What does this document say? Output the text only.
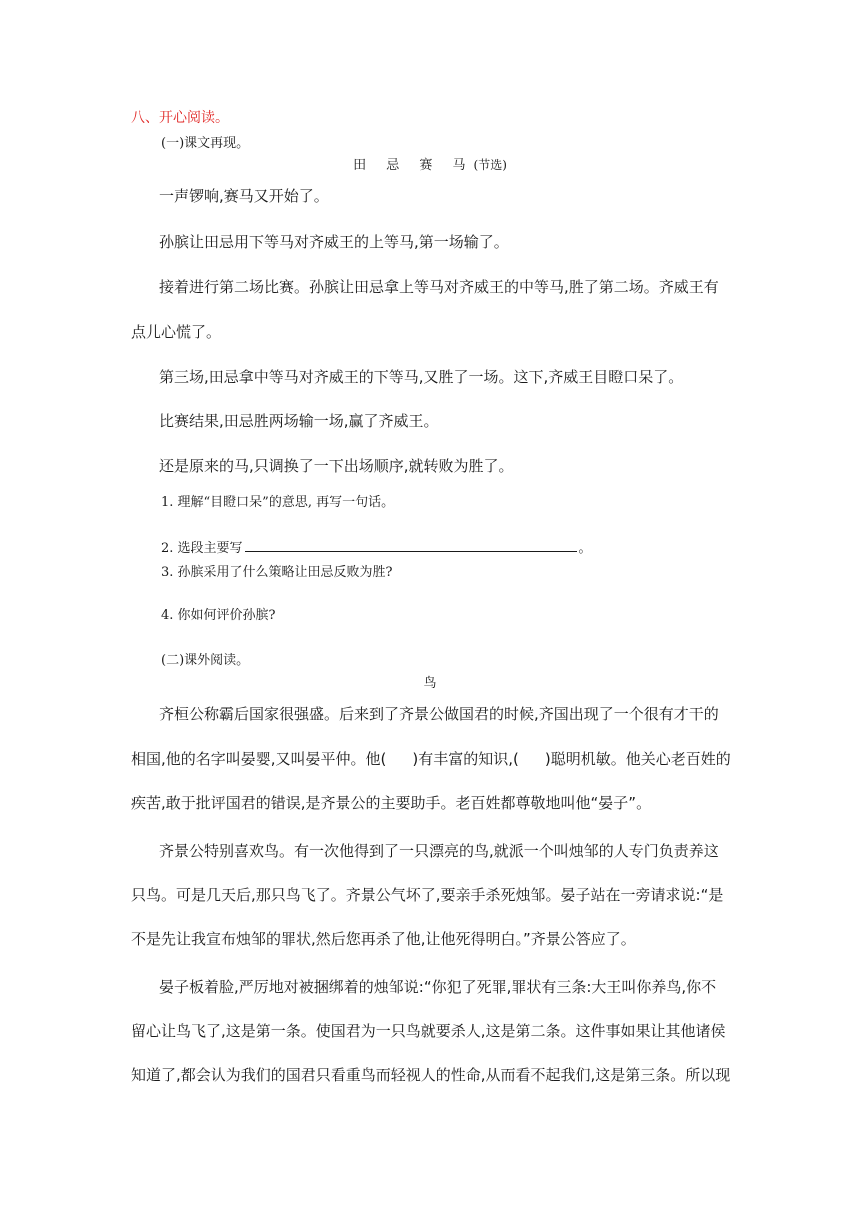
八、开心阅读。

(一)课文再现。

田 忌 赛 马(节选)

一声锣响,赛马又开始了。

孙膑让田忌用下等马对齐威王的上等马,第一场输了。

接着进行第二场比赛。孙膑让田忌拿上等马对齐威王的中等马,胜了第二场。齐威王有

点儿心慌了。

第三场,田忌拿中等马对齐威王的下等马,又胜了一场。这下,齐威王目瞪口呆了。

比赛结果,田忌胜两场输一场,赢了齐威王。

还是原来的马,只调换了一下出场顺序,就转败为胜了。

1. 理解“目瞪口呆”的意思, 再写一句话。

2. 选段主要写	。

3. 孙膑采用了什么策略让田忌反败为胜?

4. 你如何评价孙膑?

(二)课外阅读。

鸟

齐桓公称霸后国家很强盛。后来到了齐景公做国君的时候,齐国出现了一个很有才干的

相国,他的名字叫晏婴,又叫晏平仲。他( )有丰富的知识,( )聪明机敏。他关心老百姓的

疾苦,敢于批评国君的错误,是齐景公的主要助手。老百姓都尊敬地叫他“晏子”。

齐景公特别喜欢鸟。有一次他得到了一只漂亮的鸟,就派一个叫烛邹的人专门负责养这

只鸟。可是几天后,那只鸟飞了。齐景公气坏了,要亲手杀死烛邹。晏子站在一旁请求说:“是

不是先让我宣布烛邹的罪状,然后您再杀了他,让他死得明白。”齐景公答应了。

晏子板着脸,严厉地对被捆绑着的烛邹说:“你犯了死罪,罪状有三条:大王叫你养鸟,你不

留心让鸟飞了,这是第一条。使国君为一只鸟就要杀人,这是第二条。这件事如果让其他诸侯

知道了,都会认为我们的国君只看重鸟而轻视人的性命,从而看不起我们,这是第三条。所以现
